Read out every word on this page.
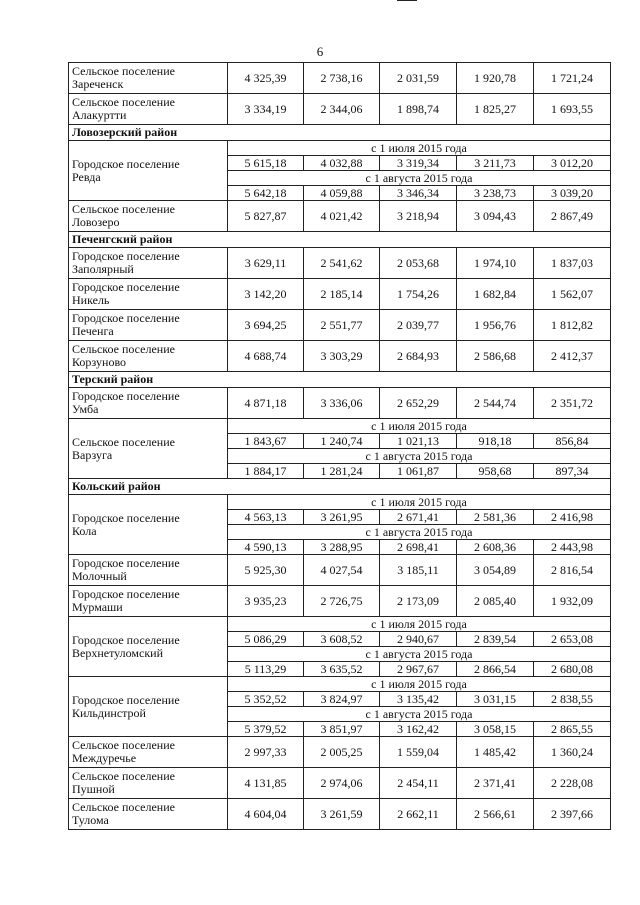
6
Сельское поселение
Зареченск	4 325,39	2 738,16	2 031,59	1 920,78	1 721,24

Сельское поселение
Алакуртти	3 334,19	2 344,06	1 898,74	1 825,27	1 693,55
Ловозерский район					

Городское поселение
Ревда	с 1 июля 2015 года				
	5 615,18	4 032,88	3 319,34	3 211,73	3 012,20
	с 1 августа 2015 года				
	5 642,18	4 059,88	3 346,34	3 238,73	3 039,20

Сельское поселение
Ловозеро	5 827,87	4 021,42	3 218,94	3 094,43	2 867,49
Печенгский район					

Городское поселение
Заполярный	3 629,11	2 541,62	2 053,68	1 974,10	1 837,03

Городское поселение
Никель	3 142,20	2 185,14	1 754,26	1 682,84	1 562,07

Городское поселение
Печенга	3 694,25	2 551,77	2 039,77	1 956,76	1 812,82

Сельское поселение
Корзуново	4 688,74	3 303,29	2 684,93	2 586,68	2 412,37
Терский район					

Городское поселение
Умба	4 871,18	3 336,06	2 652,29	2 544,74	2 351,72

Сельское поселение
Варзуга	с 1 июля 2015 года				
	1 843,67	1 240,74	1 021,13	918,18	856,84
	с 1 августа 2015 года				
	1 884,17	1 281,24	1 061,87	958,68	897,34
Кольский район					

Городское поселение
Кола	с 1 июля 2015 года				
	4 563,13	3 261,95	2 671,41	2 581,36	2 416,98
	с 1 августа 2015 года				
	4 590,13	3 288,95	2 698,41	2 608,36	2 443,98

Городское поселение
Молочный	5 925,30	4 027,54	3 185,11	3 054,89	2 816,54

Городское поселение
Мурмаши	3 935,23	2 726,75	2 173,09	2 085,40	1 932,09

Городское поселение
Верхнетуломский	с 1 июля 2015 года				
	5 086,29	3 608,52	2 940,67	2 839,54	2 653,08
	с 1 августа 2015 года				
	5 113,29	3 635,52	2 967,67	2 866,54	2 680,08

Городское поселение
Кильдинстрой	с 1 июля 2015 года				
	5 352,52	3 824,97	3 135,42	3 031,15	2 838,55
	с 1 августа 2015 года				
	5 379,52	3 851,97	3 162,42	3 058,15	2 865,55

Сельское поселение
Междуречье	2 997,33	2 005,25	1 559,04	1 485,42	1 360,24

Сельское поселение
Пушной	4 131,85	2 974,06	2 454,11	2 371,41	2 228,08

Сельское поселение
Тулома	4 604,04	3 261,59	2 662,11	2 566,61	2 397,66
